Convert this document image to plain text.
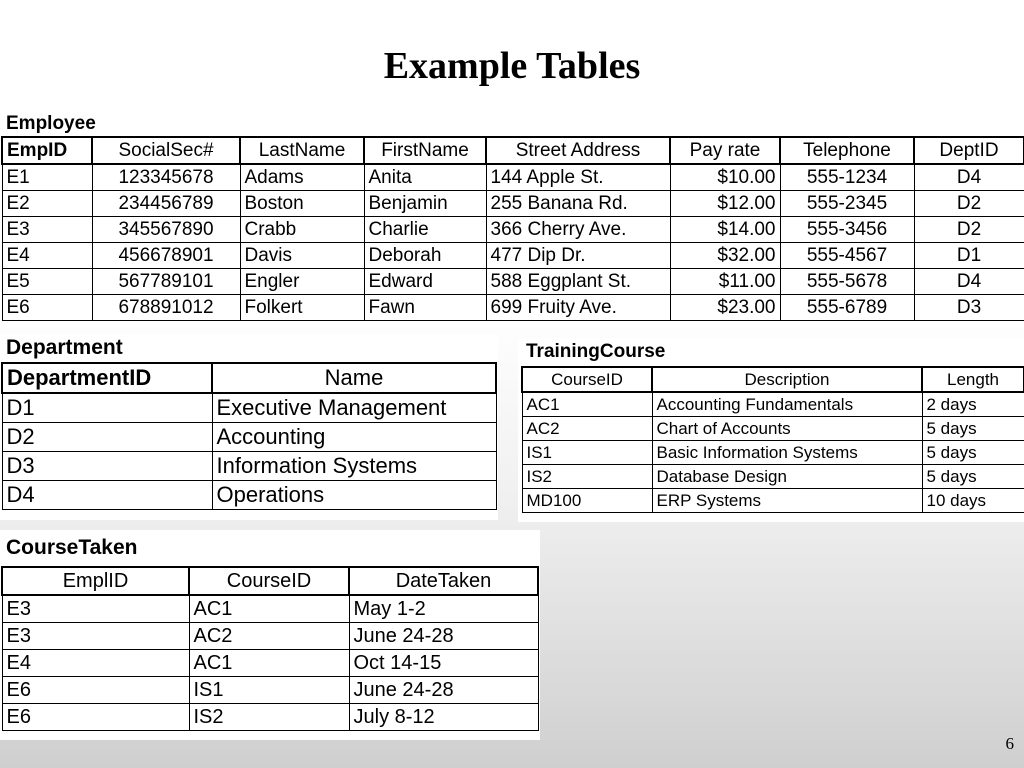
Example Tables
Employee
EmpID	SocialSec#	LastName	FirstName	Street Address	Pay rate	Telephone	DeptID
E1	123345678	Adams	Anita	144 Apple St.	$10.00	555-1234	D4
E2	234456789	Boston	Benjamin	255 Banana Rd.	$12.00	555-2345	D2
E3	345567890	Crabb	Charlie	366 Cherry Ave.	$14.00	555-3456	D2
E4	456678901	Davis	Deborah	477 Dip Dr.	$32.00	555-4567	D1
E5	567789101	Engler	Edward	588 Eggplant St.	$11.00	555-5678	D4
E6	678891012	Folkert	Fawn	699 Fruity Ave.	$23.00	555-6789	D3
Department
DepartmentID	Name
D1	Executive Management
D2	Accounting
D3	Information Systems
D4	Operations
TrainingCourse
CourseID	Description	Length
AC1	Accounting Fundamentals	2 days
AC2	Chart of Accounts	5 days
IS1	Basic Information Systems	5 days
IS2	Database Design	5 days
MD100	ERP Systems	10 days
CourseTaken
EmplID	CourseID	DateTaken
E3	AC1	May 1-2
E3	AC2	June 24-28
E4	AC1	Oct 14-15
E6	IS1	June 24-28
E6	IS2	July 8-12
6
